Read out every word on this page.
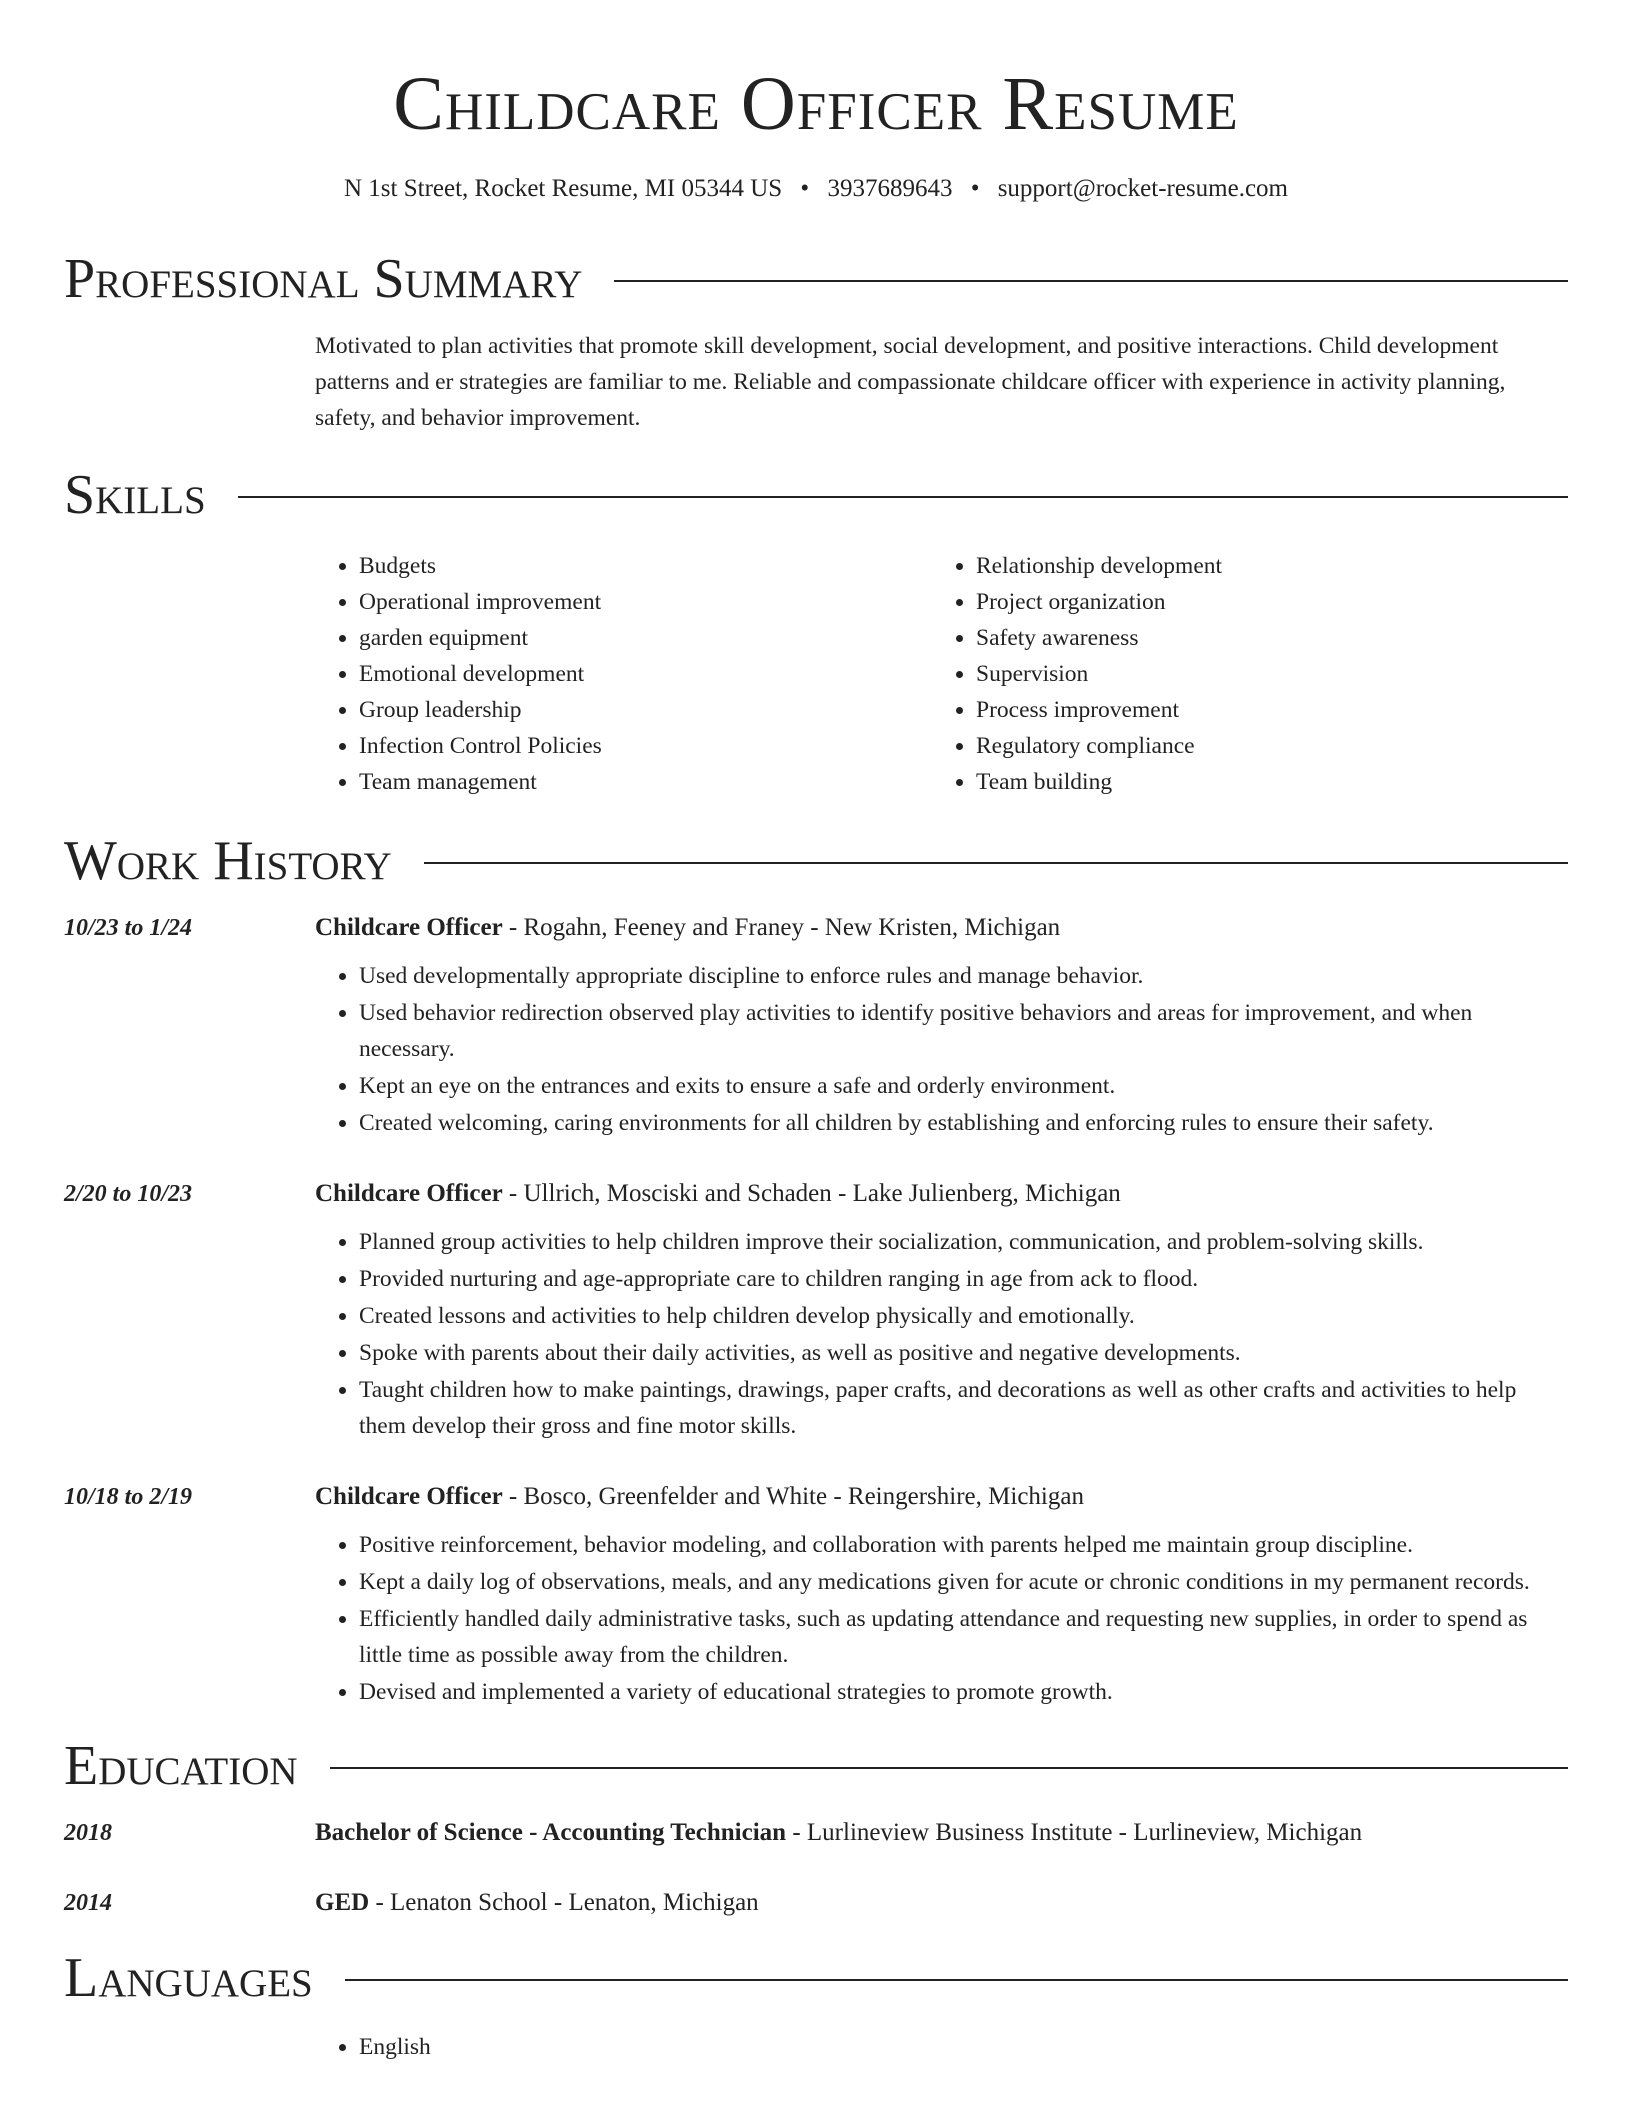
Childcare Officer Resume
N 1st Street, Rocket Resume, MI 05344 US • 3937689643 • support@rocket-resume.com
Professional Summary
Motivated to plan activities that promote skill development, social development, and positive interactions. Child development patterns and er strategies are familiar to me. Reliable and compassionate childcare officer with experience in activity planning, safety, and behavior improvement.
Skills
• Budgets
• Operational improvement
• garden equipment
• Emotional development
• Group leadership
• Infection Control Policies
• Team management
• Relationship development
• Project organization
• Safety awareness
• Supervision
• Process improvement
• Regulatory compliance
• Team building
Work History
10/23 to 1/24	Childcare Officer - Rogahn, Feeney and Franey - New Kristen, Michigan
• Used developmentally appropriate discipline to enforce rules and manage behavior.
• Used behavior redirection observed play activities to identify positive behaviors and areas for improvement, and when necessary.
• Kept an eye on the entrances and exits to ensure a safe and orderly environment.
• Created welcoming, caring environments for all children by establishing and enforcing rules to ensure their safety.
2/20 to 10/23	Childcare Officer - Ullrich, Mosciski and Schaden - Lake Julienberg, Michigan
• Planned group activities to help children improve their socialization, communication, and problem-solving skills.
• Provided nurturing and age-appropriate care to children ranging in age from ack to flood.
• Created lessons and activities to help children develop physically and emotionally.
• Spoke with parents about their daily activities, as well as positive and negative developments.
• Taught children how to make paintings, drawings, paper crafts, and decorations as well as other crafts and activities to help them develop their gross and fine motor skills.
10/18 to 2/19	Childcare Officer - Bosco, Greenfelder and White - Reingershire, Michigan
• Positive reinforcement, behavior modeling, and collaboration with parents helped me maintain group discipline.
• Kept a daily log of observations, meals, and any medications given for acute or chronic conditions in my permanent records.
• Efficiently handled daily administrative tasks, such as updating attendance and requesting new supplies, in order to spend as little time as possible away from the children.
• Devised and implemented a variety of educational strategies to promote growth.
Education
2018	Bachelor of Science - Accounting Technician - Lurlineview Business Institute - Lurlineview, Michigan
2014	GED - Lenaton School - Lenaton, Michigan
Languages
• English
